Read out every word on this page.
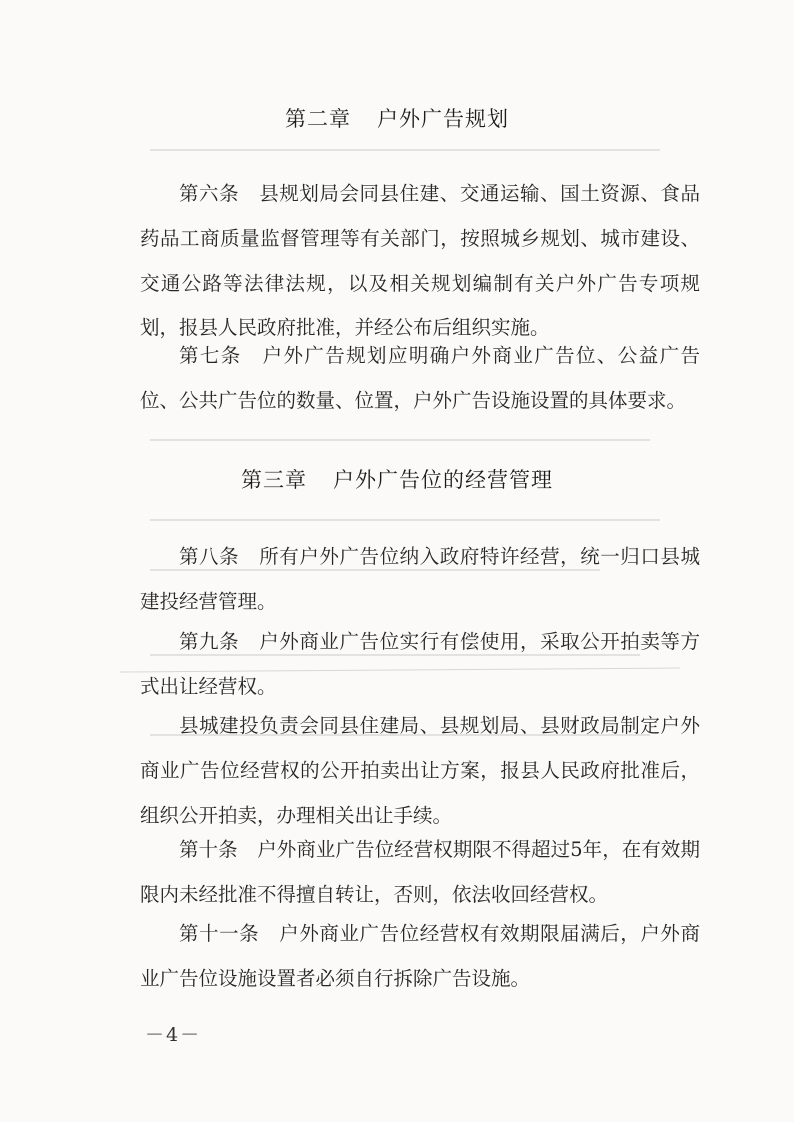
第二章 户外广告规划
第六条　县规划局会同县住建、交通运输、国土资源、食品药品工商质量监督管理等有关部门，按照城乡规划、城市建设、交通公路等法律法规，以及相关规划编制有关户外广告专项规划，报县人民政府批准，并经公布后组织实施。
第七条　户外广告规划应明确户外商业广告位、公益广告位、公共广告位的数量、位置，户外广告设施设置的具体要求。
第三章 户外广告位的经营管理
第八条　所有户外广告位纳入政府特许经营，统一归口县城建投经营管理。
第九条　户外商业广告位实行有偿使用，采取公开拍卖等方式出让经营权。
县城建投负责会同县住建局、县规划局、县财政局制定户外商业广告位经营权的公开拍卖出让方案，报县人民政府批准后，组织公开拍卖，办理相关出让手续。
第十条　户外商业广告位经营权期限不得超过5年，在有效期限内未经批准不得擅自转让，否则，依法收回经营权。
第十一条　户外商业广告位经营权有效期限届满后，户外商业广告位设施设置者必须自行拆除广告设施。
－4－
